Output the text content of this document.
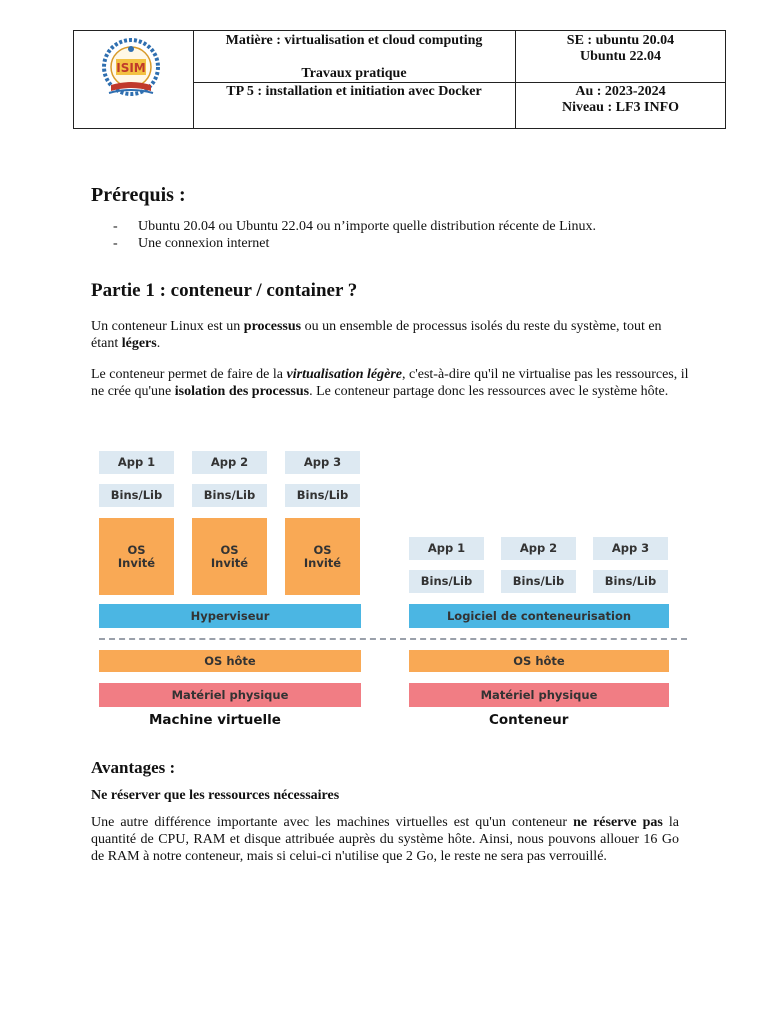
ISIM
Matière : virtualisation et cloud computing
Travaux pratique
TP 5 : installation et initiation avec Docker
SE : ubuntu 20.04
Ubuntu 22.04
Au : 2023-2024
Niveau : LF3 INFO
Prérequis :
- Ubuntu 20.04 ou Ubuntu 22.04 ou n’importe quelle distribution récente de Linux.
- Une connexion internet
Partie 1 : conteneur / container ?

Un conteneur Linux est un processus ou un ensemble de processus isolés du reste du système, tout en étant légers.

Le conteneur permet de faire de la virtualisation légère, c'est-à-dire qu'il ne virtualise pas les ressources, il ne crée qu'une isolation des processus. Le conteneur partage donc les ressources avec le système hôte.

App 1	App 2	App 3
Bins/Lib	Bins/Lib	Bins/Lib
OS
Invité
OS
Invité
OS
Invité
Hyperviseur
App 1	App 2	App 3
Bins/Lib	Bins/Lib	Bins/Lib
Logiciel de conteneurisation
OS hôte	OS hôte
Matériel physique	Matériel physique
Machine virtuelle	Conteneur
Avantages :

Ne réserver que les ressources nécessaires

Une autre différence importante avec les machines virtuelles est qu'un conteneur ne réserve pas la quantité de CPU, RAM et disque attribuée auprès du système hôte. Ainsi, nous pouvons allouer 16 Go de RAM à notre conteneur, mais si celui-ci n'utilise que 2 Go, le reste ne sera pas verrouillé.
